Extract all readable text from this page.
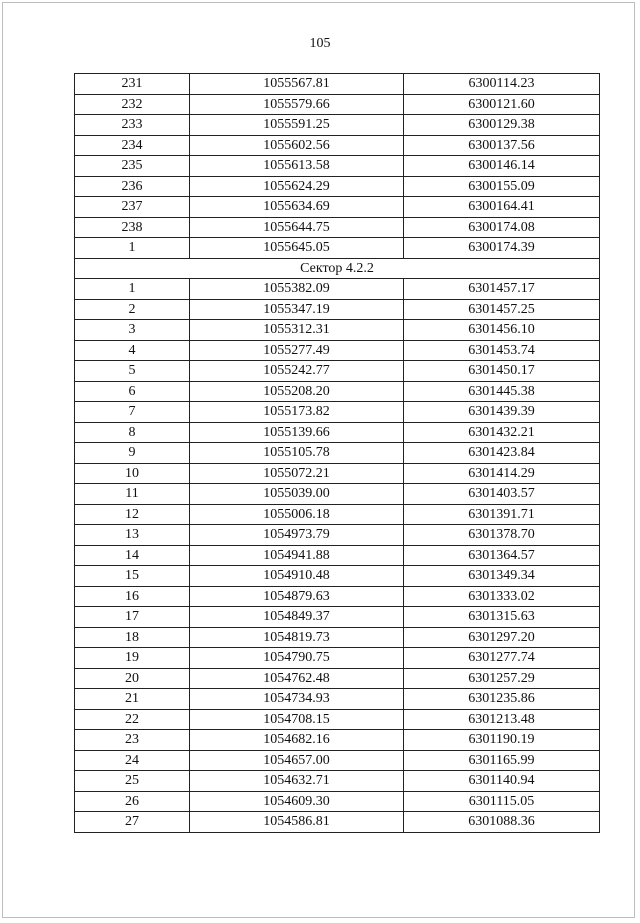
105
231	1055567.81	6300114.23
232	1055579.66	6300121.60
233	1055591.25	6300129.38
234	1055602.56	6300137.56
235	1055613.58	6300146.14
236	1055624.29	6300155.09
237	1055634.69	6300164.41
238	1055644.75	6300174.08
1	1055645.05	6300174.39
Сектор 4.2.2		
1	1055382.09	6301457.17
2	1055347.19	6301457.25
3	1055312.31	6301456.10
4	1055277.49	6301453.74
5	1055242.77	6301450.17
6	1055208.20	6301445.38
7	1055173.82	6301439.39
8	1055139.66	6301432.21
9	1055105.78	6301423.84
10	1055072.21	6301414.29
11	1055039.00	6301403.57
12	1055006.18	6301391.71
13	1054973.79	6301378.70
14	1054941.88	6301364.57
15	1054910.48	6301349.34
16	1054879.63	6301333.02
17	1054849.37	6301315.63
18	1054819.73	6301297.20
19	1054790.75	6301277.74
20	1054762.48	6301257.29
21	1054734.93	6301235.86
22	1054708.15	6301213.48
23	1054682.16	6301190.19
24	1054657.00	6301165.99
25	1054632.71	6301140.94
26	1054609.30	6301115.05
27	1054586.81	6301088.36
